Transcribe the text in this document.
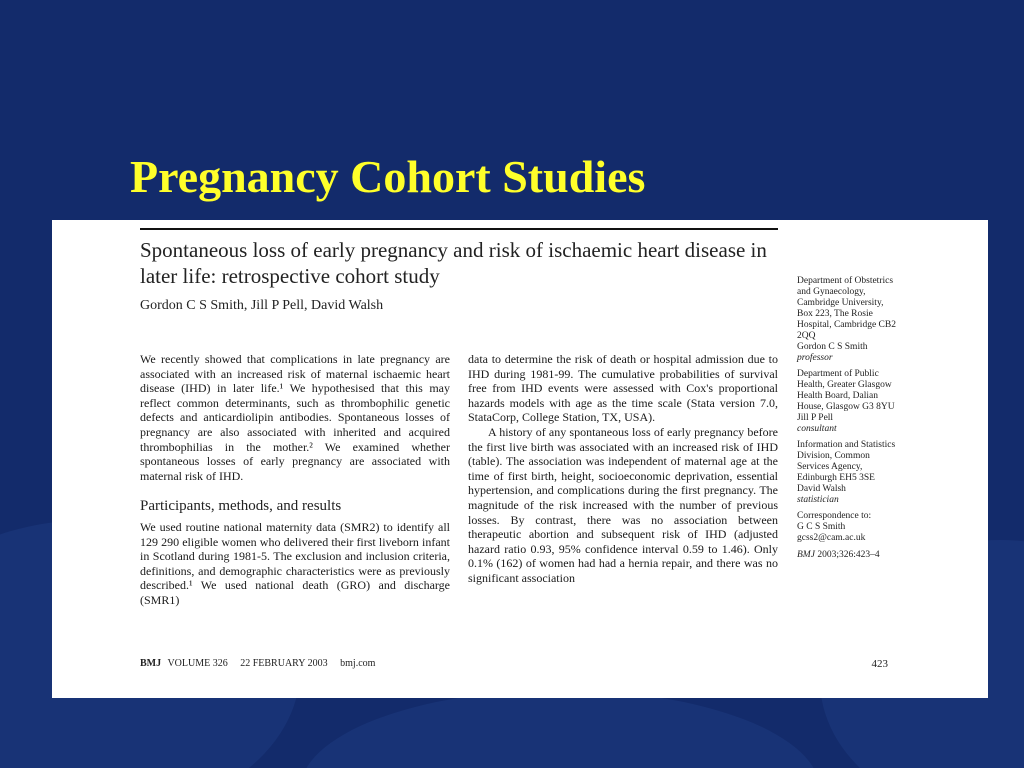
Pregnancy Cohort Studies
Spontaneous loss of early pregnancy and risk of ischaemic heart disease in later life: retrospective cohort study
Gordon C S Smith, Jill P Pell, David Walsh

We recently showed that complications in late pregnancy are associated with an increased risk of maternal ischaemic heart disease (IHD) in later life.¹ We hypothesised that this may reflect common determinants, such as thrombophilic genetic defects and anticardiolipin antibodies. Spontaneous losses of pregnancy are also associated with inherited and acquired thrombophilias in the mother.² We examined whether spontaneous losses of early pregnancy are associated with maternal risk of IHD.

Participants, methods, and results

We used routine national maternity data (SMR2) to identify all 129 290 eligible women who delivered their first liveborn infant in Scotland during 1981-5. The exclusion and inclusion criteria, definitions, and demographic characteristics were as previously described.¹ We used national death (GRO) and discharge (SMR1)

data to determine the risk of death or hospital admission due to IHD during 1981-99. The cumulative probabilities of survival free from IHD events were assessed with Cox's proportional hazards models with age as the time scale (Stata version 7.0, StataCorp, College Station, TX, USA).

A history of any spontaneous loss of early pregnancy before the first live birth was associated with an increased risk of IHD (table). The association was independent of maternal age at the time of first birth, height, socioeconomic deprivation, essential hypertension, and complications during the first pregnancy. The magnitude of the risk increased with the number of previous losses. By contrast, there was no association between therapeutic abortion and subsequent risk of IHD (adjusted hazard ratio 0.93, 95% confidence interval 0.59 to 1.46). Only 0.1% (162) of women had had a hernia repair, and there was no significant association

Department of Obstetrics and Gynaecology, Cambridge University, Box 223, The Rosie Hospital, Cambridge CB2 2QQ
Gordon C S Smith
professor
Department of Public Health, Greater Glasgow Health Board, Dalian House, Glasgow G3 8YU
Jill P Pell
consultant
Information and Statistics Division, Common Services Agency, Edinburgh EH5 3SE
David Walsh
statistician
Correspondence to:
G C S Smith
gcss2@cam.ac.uk
BMJ 2003;326:423–4
BMJ VOLUME 326 22 FEBRUARY 2003 bmj.com	423
